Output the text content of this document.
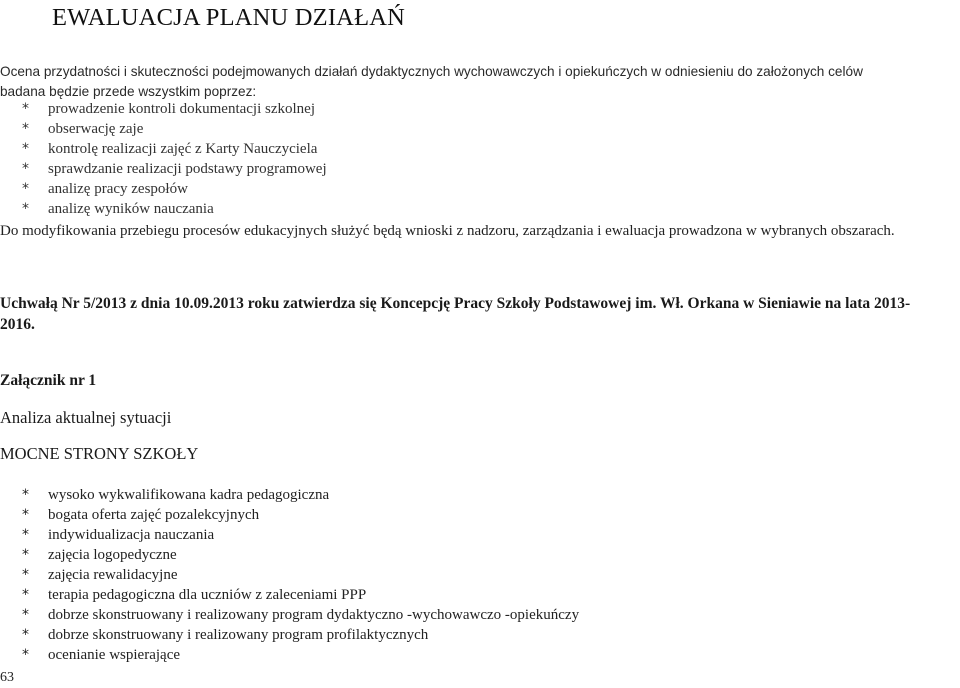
EWALUACJA PLANU DZIAŁAŃ
Ocena przydatności i skuteczności podejmowanych działań dydaktycznych wychowawczych i opiekuńczych w odniesieniu do założonych celów
badana będzie przede wszystkim poprzez:
* prowadzenie kontroli dokumentacji szkolnej
* obserwację zaje
* kontrolę realizacji zajęć z Karty Nauczyciela
* sprawdzanie realizacji podstawy programowej
* analizę pracy zespołów
* analizę wyników nauczania
Do modyfikowania przebiegu procesów edukacyjnych służyć będą wnioski z nadzoru, zarządzania i ewaluacja prowadzona w wybranych obszarach.
Uchwałą Nr 5/2013 z dnia 10.09.2013 roku zatwierdza się Koncepcję Pracy Szkoły Podstawowej im. Wł. Orkana w Sieniawie na lata 2013-2016.
Załącznik nr 1
Analiza aktualnej sytuacji
MOCNE STRONY SZKOŁY
* wysoko wykwalifikowana kadra pedagogiczna
* bogata oferta zajęć pozalekcyjnych
* indywidualizacja nauczania
* zajęcia logopedyczne
* zajęcia rewalidacyjne
* terapia pedagogiczna dla uczniów z zaleceniami PPP
* dobrze skonstruowany i realizowany program dydaktyczno -wychowawczo -opiekuńczy
* dobrze skonstruowany i realizowany program profilaktycznych
* ocenianie wspierające
63
